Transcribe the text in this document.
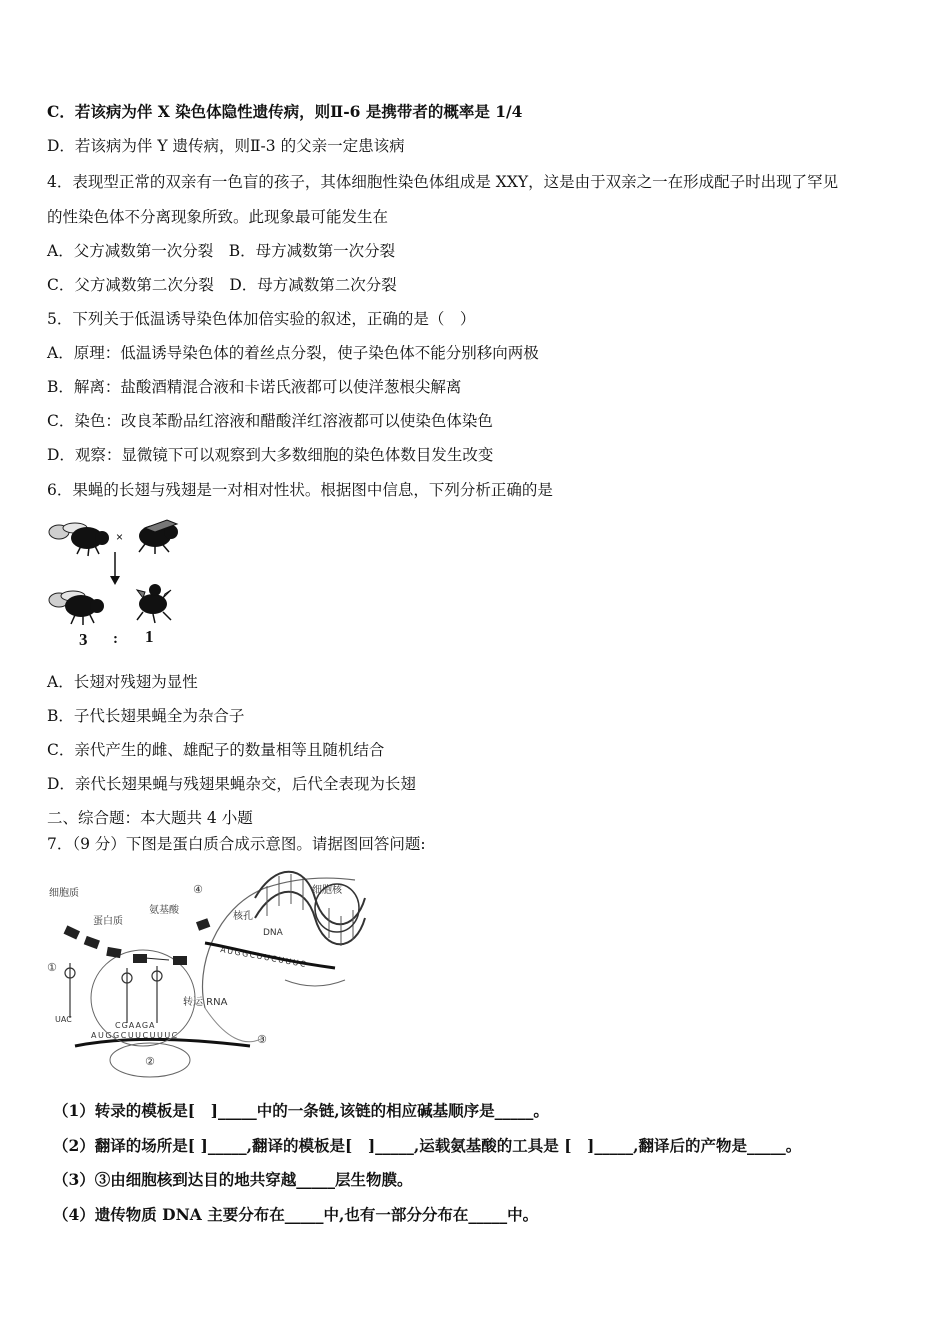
C．若该病为伴 X 染色体隐性遗传病，则Ⅱ-6 是携带者的概率是 1/4
D．若该病为伴 Y 遗传病，则Ⅱ-3 的父亲一定患该病
4．表现型正常的双亲有一色盲的孩子，其体细胞性染色体组成是 XXY，这是由于双亲之一在形成配子时出现了罕见
的性染色体不分离现象所致。此现象最可能发生在
A．父方减数第一次分裂　B．母方减数第一次分裂
C．父方减数第二次分裂　D．母方减数第二次分裂
5．下列关于低温诱导染色体加倍实验的叙述，正确的是（　）
A．原理：低温诱导染色体的着丝点分裂，使子染色体不能分别移向两极
B．解离：盐酸酒精混合液和卡诺氏液都可以使洋葱根尖解离
C．染色：改良苯酚品红溶液和醋酸洋红溶液都可以使染色体染色
D．观察：显微镜下可以观察到大多数细胞的染色体数目发生改变
6．果蝇的长翅与残翅是一对相对性状。根据图中信息，下列分析正确的是
×
3 : 1
A．长翅对残翅为显性
B．子代长翅果蝇全为杂合子
C．亲代产生的雌、雄配子的数量相等且随机结合
D．亲代长翅果蝇与残翅果蝇杂交，后代全表现为长翅
二、综合题：本大题共 4 小题
7．（9 分）下图是蛋白质合成示意图。请据图回答问题:
细胞质	细胞核
蛋白质
氨基酸
核孔
DNA
转运 RNA
④
①
②
③
UAC
CGAAGA
AUGGCUUCUUUC
AUGGCUUCUUUC
（1）转录的模板是[　]_____中的一条链,该链的相应碱基顺序是_____。
（2）翻译的场所是[ ]_____,翻译的模板是[　]_____,运载氨基酸的工具是 [　]_____,翻译后的产物是_____。
（3）③由细胞核到达目的地共穿越_____层生物膜。
（4）遗传物质 DNA 主要分布在_____中,也有一部分分布在_____中。
